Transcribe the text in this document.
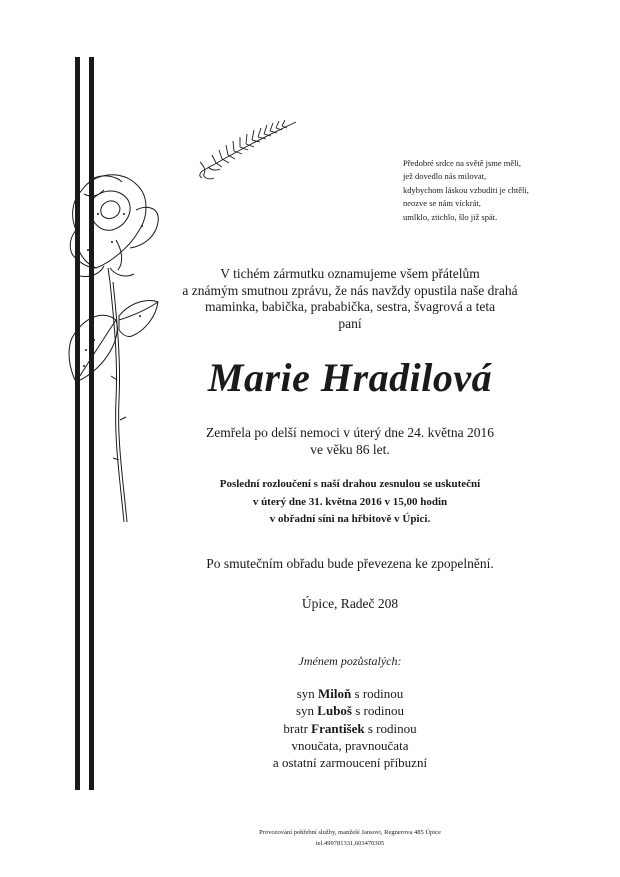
Předobré srdce na světě jsme měli,
jež dovedlo nás milovat,
kdybychom láskou vzbuditi je chtěli,
neozve se nám víckrát,
umlklo, ztichlo, šlo již spát.
V tichém zármutku oznamujeme všem přátelům
a známým smutnou zprávu, že nás navždy opustila naše drahá
maminka, babička, prababička, sestra, švagrová a teta
paní
Marie Hradilová
Zemřela po delší nemoci v úterý dne 24. května 2016
ve věku 86 let.
Poslední rozloučení s naší drahou zesnulou se uskuteční
v úterý dne 31. května 2016 v 15,00 hodin
v obřadní síni na hřbitově v Úpici.
Po smutečním obřadu bude převezena ke zpopelnění.
Úpice, Radeč 208
Jménem pozůstalých:
syn Miloň s rodinou
syn Luboš s rodinou
bratr František s rodinou
vnoučata, pravnoučata
a ostatní zarmoucení příbuzní
Provozování pohřební služby, manželé Jansovi, Regnerova 485 Úpice
tel.499781331,603470305
